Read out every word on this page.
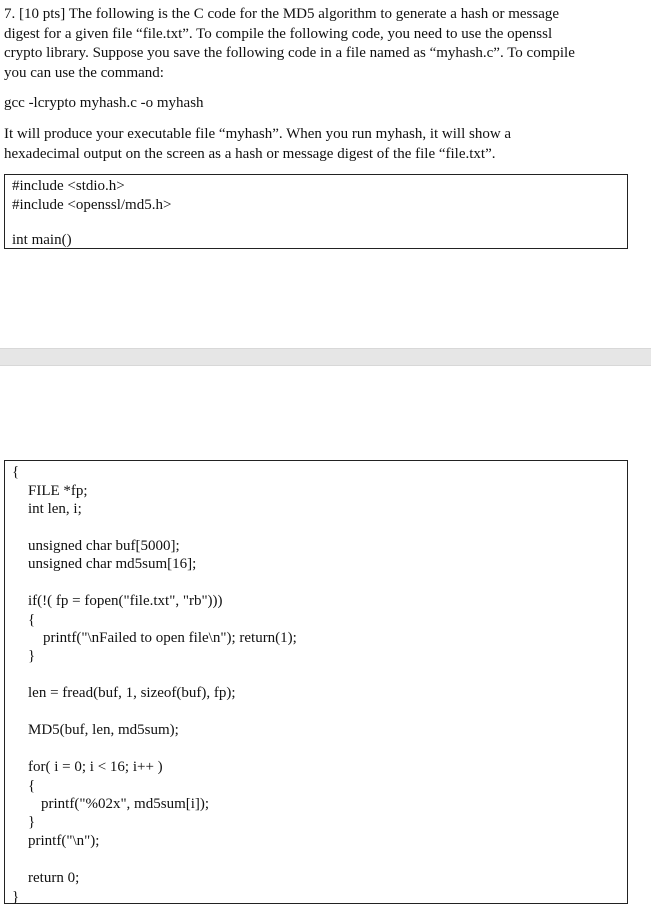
7. [10 pts] The following is the C code for the MD5 algorithm to generate a hash or message
digest for a given file “file.txt”. To compile the following code, you need to use the openssl
crypto library. Suppose you save the following code in a file named as “myhash.c”. To compile
you can use the command:
gcc -lcrypto myhash.c -o myhash
It will produce your executable file “myhash”. When you run myhash, it will show a
hexadecimal output on the screen as a hash or message digest of the file “file.txt”.
#include <stdio.h>
#include <openssl/md5.h>
int main()
{
FILE *fp;
int len, i;
unsigned char buf[5000];
unsigned char md5sum[16];
if(!( fp = fopen("file.txt", "rb")))
{
printf("\nFailed to open file\n"); return(1);
}
len = fread(buf, 1, sizeof(buf), fp);
MD5(buf, len, md5sum);
for( i = 0; i < 16; i++ )
{
printf("%02x", md5sum[i]);
}
printf("\n");
return 0;
}
